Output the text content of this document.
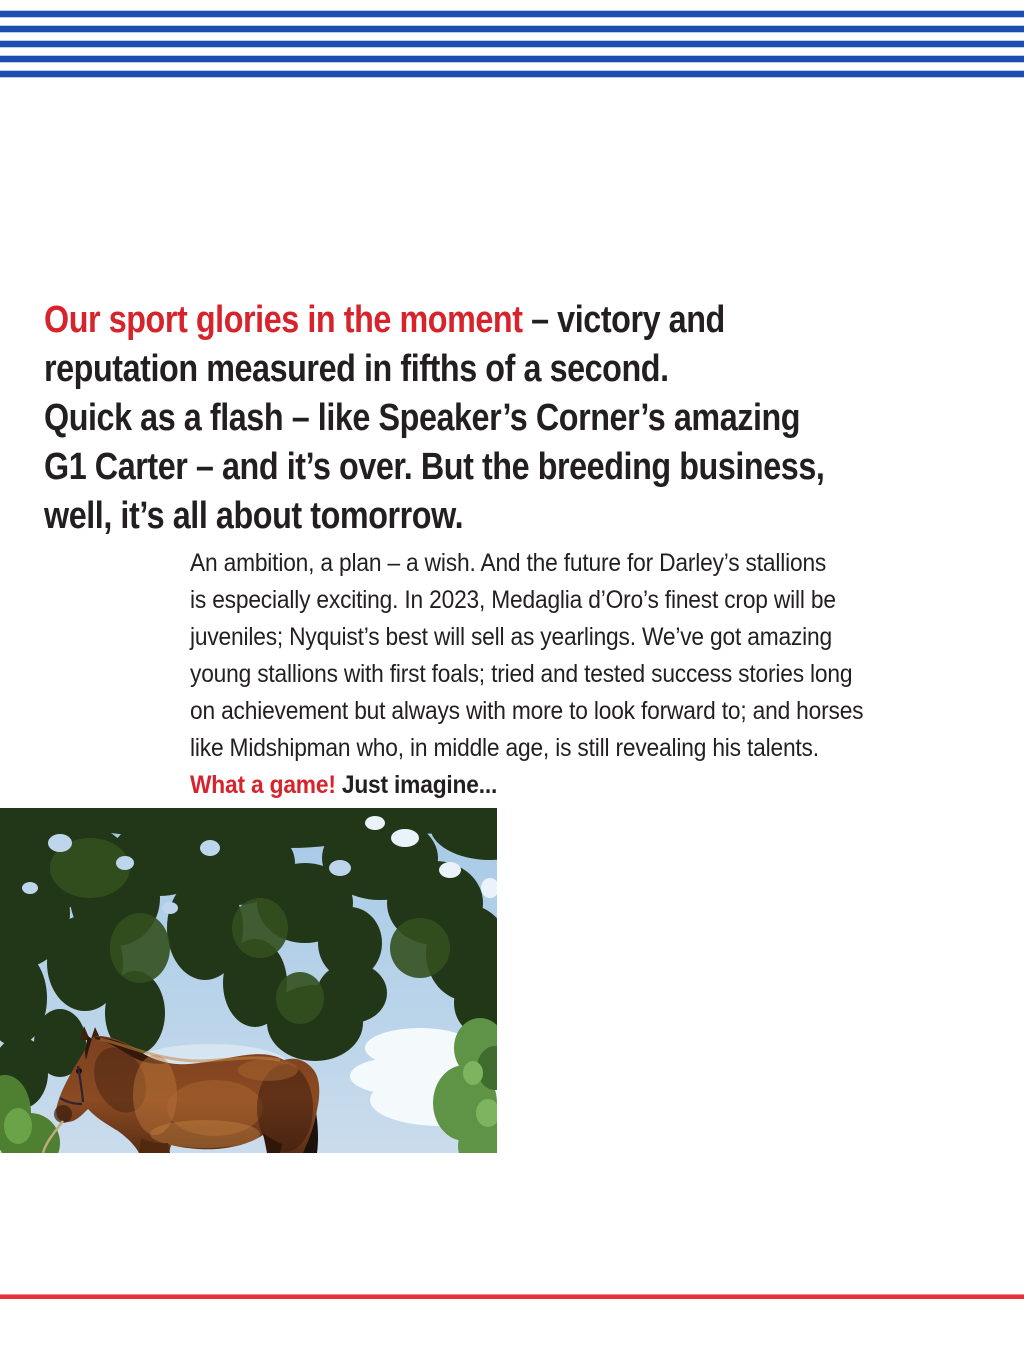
Our sport glories in the moment – victory and
reputation measured in fifths of a second.
Quick as a flash – like Speaker’s Corner’s amazing
G1 Carter – and it’s over. But the breeding business,
well, it’s all about tomorrow.
An ambition, a plan – a wish. And the future for Darley’s stallions
is especially exciting. In 2023, Medaglia d’Oro’s finest crop will be
juveniles; Nyquist’s best will sell as yearlings. We’ve got amazing
young stallions with first foals; tried and tested success stories long
on achievement but always with more to look forward to; and horses
like Midshipman who, in middle age, is still revealing his talents.
What a game! Just imagine...
